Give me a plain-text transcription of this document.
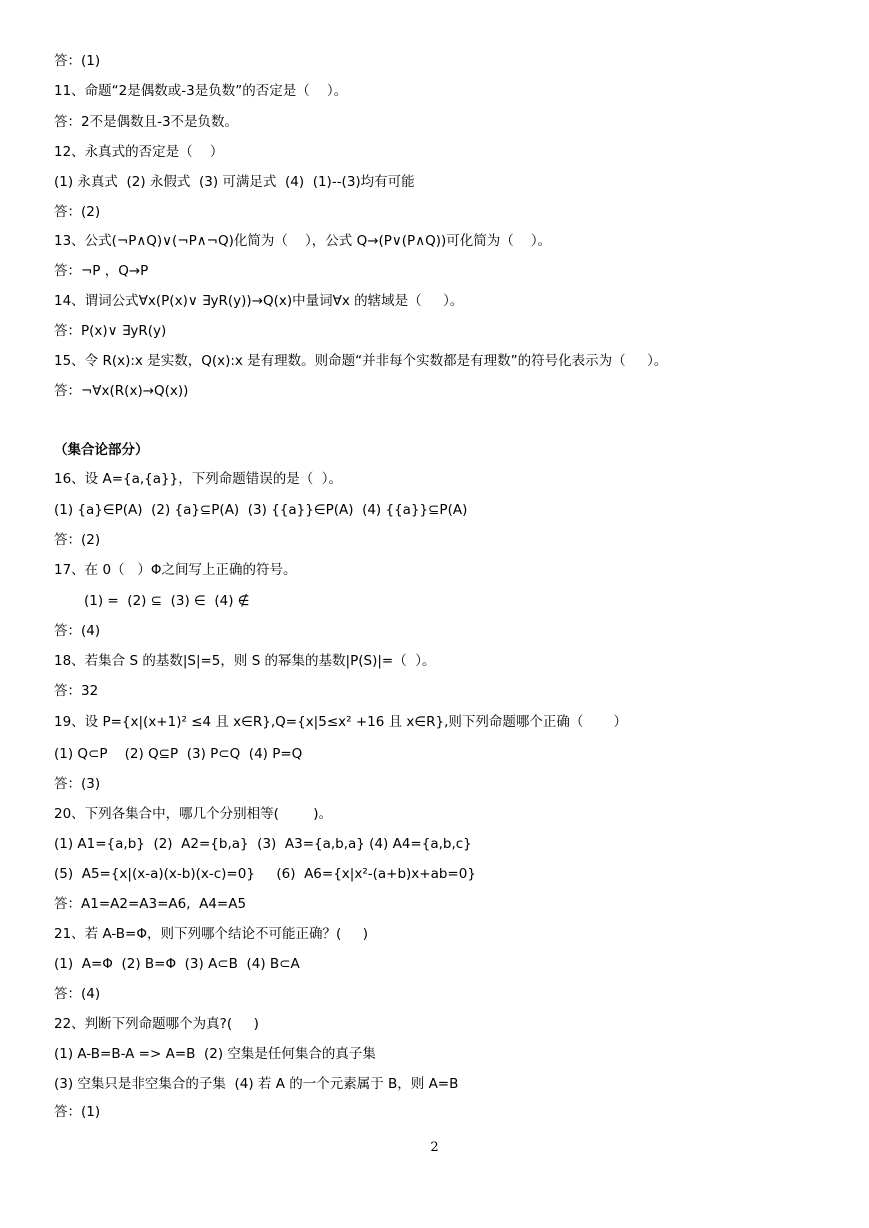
答：(1)
11、命题“2是偶数或-3是负数”的否定是（    ）。
答：2不是偶数且-3不是负数。
12、永真式的否定是（    ）
(1) 永真式  (2) 永假式  (3) 可满足式  (4)  (1)--(3)均有可能
答：(2)
13、公式(¬P∧Q)∨(¬P∧¬Q)化简为（    ），公式 Q→(P∨(P∧Q))可化简为（    ）。
答：¬P ，Q→P
14、谓词公式∀x(P(x)∨ ∃yR(y))→Q(x)中量词∀x 的辖域是（     ）。
答：P(x)∨ ∃yR(y)
15、令 R(x):x 是实数，Q(x):x 是有理数。则命题“并非每个实数都是有理数”的符号化表示为（     ）。
答：¬∀x(R(x)→Q(x))
（集合论部分）
16、设 A={a,{a}}，下列命题错误的是（  ）。
(1) {a}∈P(A)  (2) {a}⊆P(A)  (3) {{a}}∈P(A)  (4) {{a}}⊆P(A)
答：(2)
17、在 0（   ）Φ之间写上正确的符号。
(1) =  (2) ⊆  (3) ∈  (4) ∉
答：(4)
18、若集合 S 的基数|S|=5，则 S 的幂集的基数|P(S)|=（  ）。
答：32
19、设 P={x|(x+1)² ≤4 且 x∈R},Q={x|5≤x² +16 且 x∈R},则下列命题哪个正确（       ）
(1) Q⊂P    (2) Q⊆P  (3) P⊂Q  (4) P=Q
答：(3)
20、下列各集合中，哪几个分别相等(        )。
(1) A1={a,b}  (2)  A2={b,a}  (3)  A3={a,b,a} (4) A4={a,b,c}
(5)  A5={x|(x-a)(x-b)(x-c)=0}     (6)  A6={x|x²-(a+b)x+ab=0}
答：A1=A2=A3=A6,  A4=A5
21、若 A-B=Φ，则下列哪个结论不可能正确？(     )
(1)  A=Φ  (2) B=Φ  (3) A⊂B  (4) B⊂A
答：(4)
22、判断下列命题哪个为真?(     )
(1) A-B=B-A => A=B  (2) 空集是任何集合的真子集
(3) 空集只是非空集合的子集  (4) 若 A 的一个元素属于 B，则 A=B
答：(1)
2
